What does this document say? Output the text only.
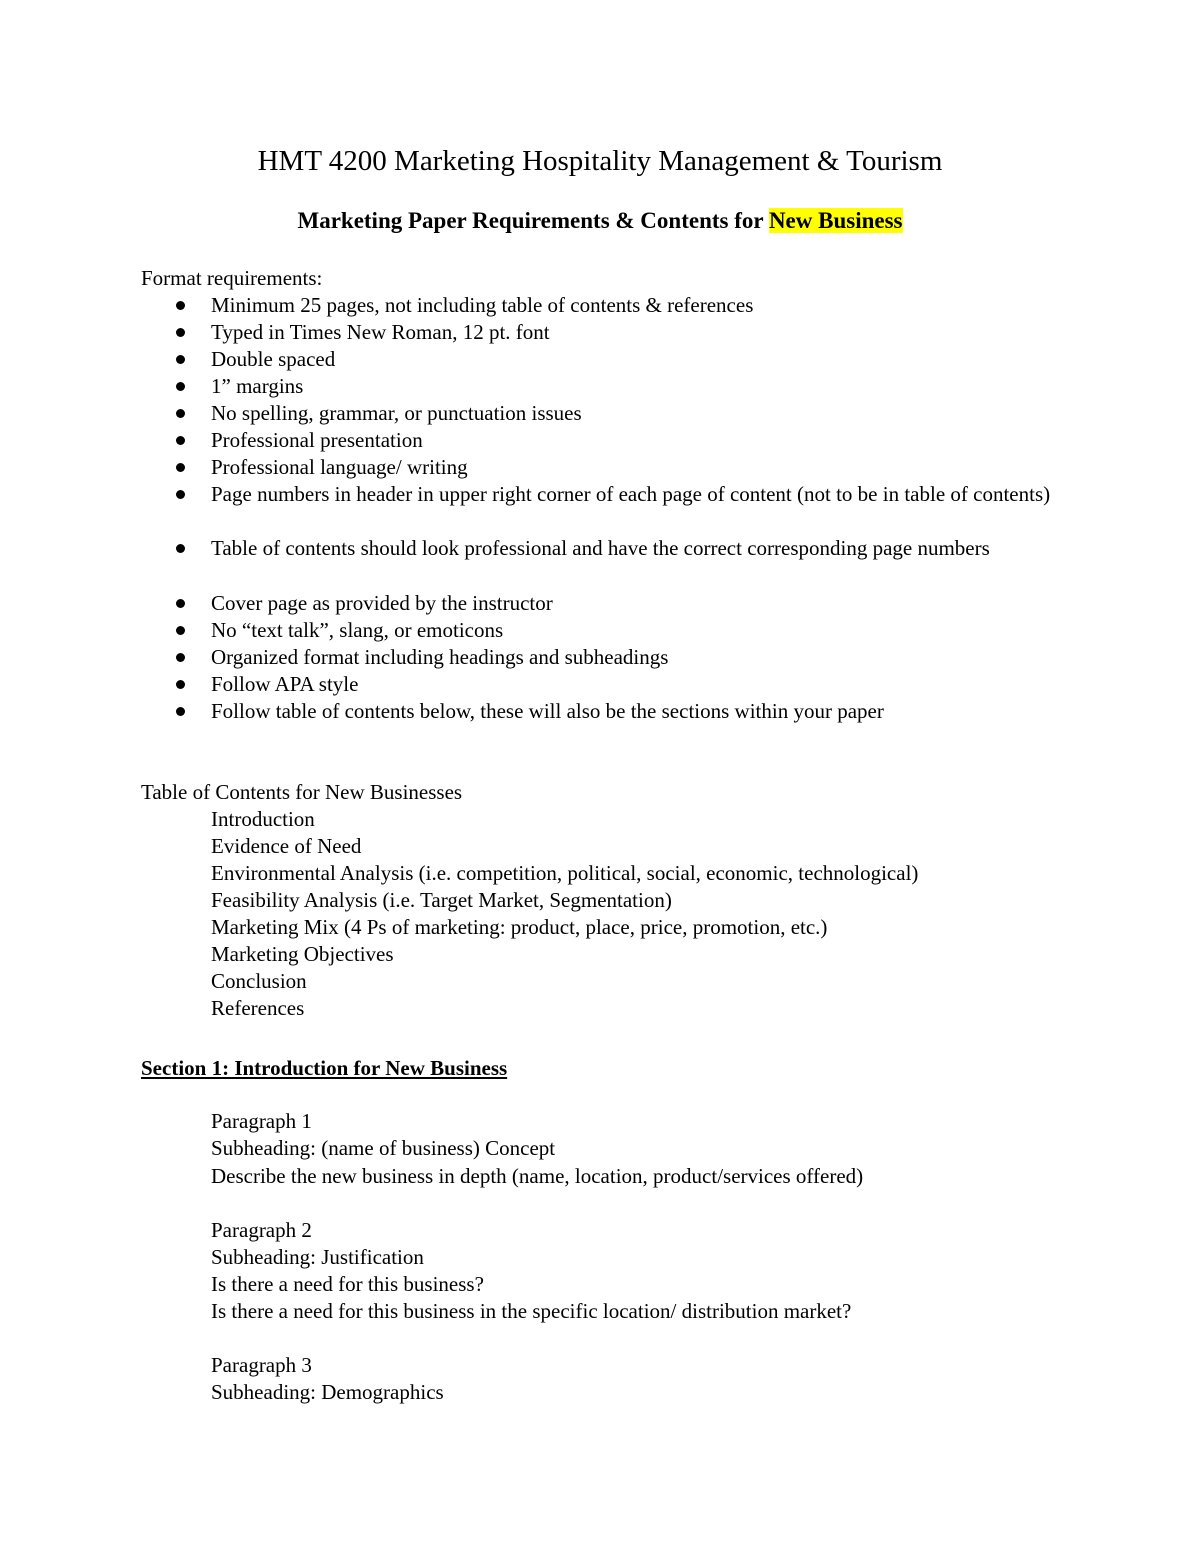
HMT 4200 Marketing Hospitality Management & Tourism
Marketing Paper Requirements & Contents for New Business
Format requirements:
Minimum 25 pages, not including table of contents & references
Typed in Times New Roman, 12 pt. font
Double spaced
1” margins
No spelling, grammar, or punctuation issues
Professional presentation
Professional language/ writing
Page numbers in header in upper right corner of each page of content (not to be in table of contents)
Table of contents should look professional and have the correct corresponding page numbers
Cover page as provided by the instructor
No “text talk”, slang, or emoticons
Organized format including headings and subheadings
Follow APA style
Follow table of contents below, these will also be the sections within your paper
Table of Contents for New Businesses
Introduction
Evidence of Need
Environmental Analysis (i.e. competition, political, social, economic, technological)
Feasibility Analysis (i.e. Target Market, Segmentation)
Marketing Mix (4 Ps of marketing: product, place, price, promotion, etc.)
Marketing Objectives
Conclusion
References
Section 1: Introduction for New Business
Paragraph 1
Subheading: (name of business) Concept
Describe the new business in depth (name, location, product/services offered)
Paragraph 2
Subheading: Justification
Is there a need for this business?
Is there a need for this business in the specific location/ distribution market?
Paragraph 3
Subheading: Demographics
